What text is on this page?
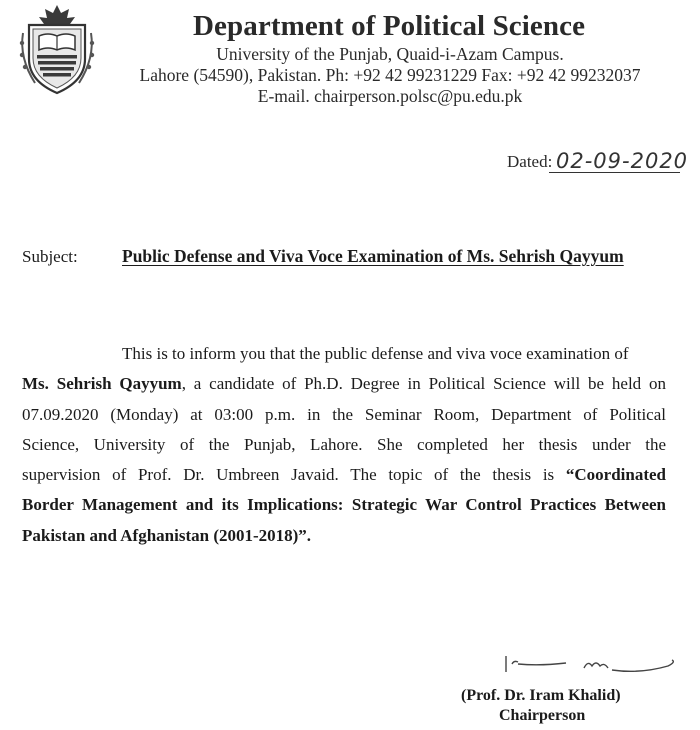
Department of Political Science
University of the Punjab, Quaid-i-Azam Campus.
Lahore (54590), Pakistan. Ph: +92 42 99231229 Fax: +92 42 99232037
E-mail. chairperson.polsc@pu.edu.pk
Dated: 02-09-2020
Subject:	Public Defense and Viva Voce Examination of Ms. Sehrish Qayyum
This is to inform you that the public defense and viva voce examination of
Ms. Sehrish Qayyum, a candidate of Ph.D. Degree in Political Science will be held on
07.09.2020 (Monday) at 03:00 p.m. in the Seminar Room, Department of Political
Science, University of the Punjab, Lahore. She completed her thesis under the
supervision of Prof. Dr. Umbreen Javaid. The topic of the thesis is “Coordinated
Border Management and its Implications: Strategic War Control Practices Between
Pakistan and Afghanistan (2001-2018)”.
(Prof. Dr. Iram Khalid)
Chairperson
